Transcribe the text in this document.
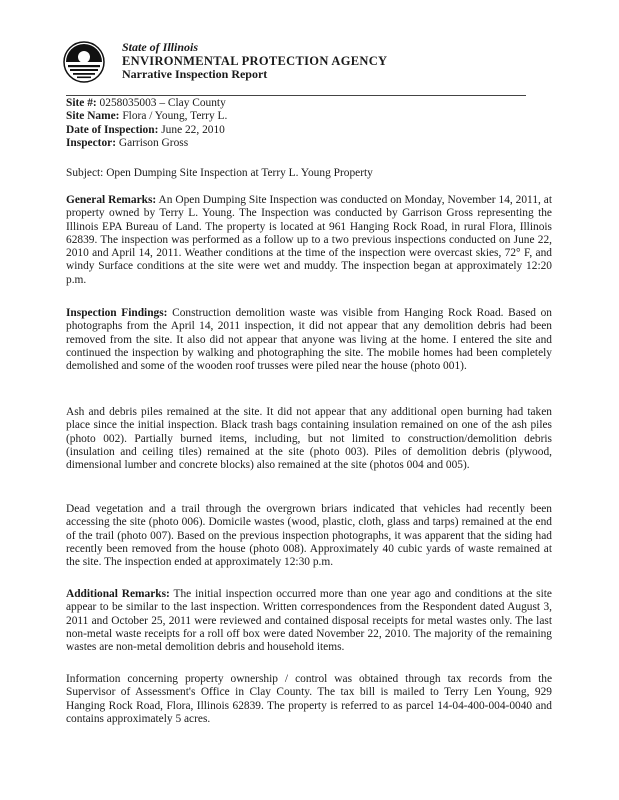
State of Illinois
ENVIRONMENTAL PROTECTION AGENCY
Narrative Inspection Report
Site #: 0258035003 – Clay County
Site Name: Flora / Young, Terry L.
Date of Inspection: June 22, 2010
Inspector: Garrison Gross
Subject: Open Dumping Site Inspection at Terry L. Young Property
General Remarks: An Open Dumping Site Inspection was conducted on Monday, November 14, 2011, at property owned by Terry L. Young. The Inspection was conducted by Garrison Gross representing the Illinois EPA Bureau of Land. The property is located at 961 Hanging Rock Road, in rural Flora, Illinois 62839. The inspection was performed as a follow up to a two previous inspections conducted on June 22, 2010 and April 14, 2011. Weather conditions at the time of the inspection were overcast skies, 72° F, and windy Surface conditions at the site were wet and muddy. The inspection began at approximately 12:20 p.m.
Inspection Findings: Construction demolition waste was visible from Hanging Rock Road. Based on photographs from the April 14, 2011 inspection, it did not appear that any demolition debris had been removed from the site. It also did not appear that anyone was living at the home. I entered the site and continued the inspection by walking and photographing the site. The mobile homes had been completely demolished and some of the wooden roof trusses were piled near the house (photo 001).
Ash and debris piles remained at the site. It did not appear that any additional open burning had taken place since the initial inspection. Black trash bags containing insulation remained on one of the ash piles (photo 002). Partially burned items, including, but not limited to construction/demolition debris (insulation and ceiling tiles) remained at the site (photo 003). Piles of demolition debris (plywood, dimensional lumber and concrete blocks) also remained at the site (photos 004 and 005).
Dead vegetation and a trail through the overgrown briars indicated that vehicles had recently been accessing the site (photo 006). Domicile wastes (wood, plastic, cloth, glass and tarps) remained at the end of the trail (photo 007). Based on the previous inspection photographs, it was apparent that the siding had recently been removed from the house (photo 008). Approximately 40 cubic yards of waste remained at the site. The inspection ended at approximately 12:30 p.m.
Additional Remarks: The initial inspection occurred more than one year ago and conditions at the site appear to be similar to the last inspection. Written correspondences from the Respondent dated August 3, 2011 and October 25, 2011 were reviewed and contained disposal receipts for metal wastes only. The last non-metal waste receipts for a roll off box were dated November 22, 2010. The majority of the remaining wastes are non-metal demolition debris and household items.
Information concerning property ownership / control was obtained through tax records from the Supervisor of Assessment's Office in Clay County. The tax bill is mailed to Terry Len Young, 929 Hanging Rock Road, Flora, Illinois 62839. The property is referred to as parcel 14-04-400-004-0040 and contains approximately 5 acres.
